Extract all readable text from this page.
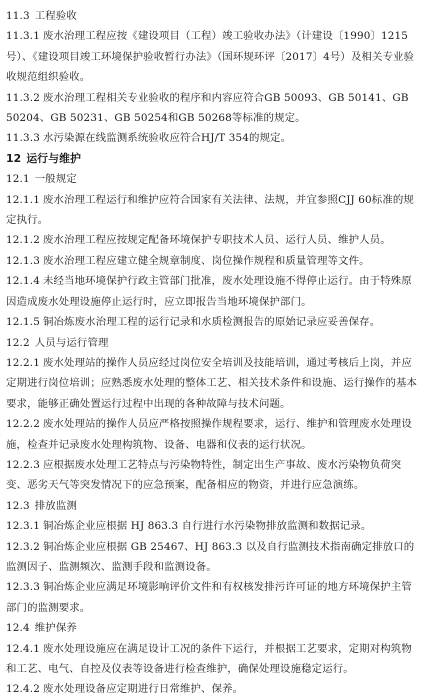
11.3 工程验收

11.3.1 废水治理工程应按《建设项目（工程）竣工验收办法》（计建设〔1990〕1215号）、《建设项目竣工环境保护验收暂行办法》（国环规环评〔2017〕4号）及相关专业验收规范组织验收。

11.3.2 废水治理工程相关专业验收的程序和内容应符合GB 50093、GB 50141、GB 50204、GB 50231、GB 50254和GB 50268等标准的规定。

11.3.3 水污染源在线监测系统验收应符合HJ/T 354的规定。

12 运行与维护

12.1 一般规定

12.1.1 废水治理工程运行和维护应符合国家有关法律、法规，并宜参照CJJ 60标准的规定执行。

12.1.2 废水治理工程应按规定配备环境保护专职技术人员、运行人员、维护人员。

12.1.3 废水治理工程应建立健全规章制度、岗位操作规程和质量管理等文件。

12.1.4 未经当地环境保护行政主管部门批准，废水处理设施不得停止运行。由于特殊原因造成废水处理设施停止运行时，应立即报告当地环境保护部门。

12.1.5 铜冶炼废水治理工程的运行记录和水质检测报告的原始记录应妥善保存。

12.2 人员与运行管理

12.2.1 废水处理站的操作人员应经过岗位安全培训及技能培训，通过考核后上岗，并应定期进行岗位培训；应熟悉废水处理的整体工艺、相关技术条件和设施、运行操作的基本要求，能够正确处置运行过程中出现的各种故障与技术问题。

12.2.2 废水处理站的操作人员应严格按照操作规程要求，运行、维护和管理废水处理设施，检查并记录废水处理构筑物、设备、电器和仪表的运行状况。

12.2.3 应根据废水处理工艺特点与污染物特性，制定出生产事故、废水污染物负荷突变、恶劣天气等突发情况下的应急预案，配备相应的物资，并进行应急演练。

12.3 排放监测

12.3.1 铜冶炼企业应根据 HJ 863.3 自行进行水污染物排放监测和数据记录。

12.3.2 铜冶炼企业应根据 GB 25467、HJ 863.3 以及自行监测技术指南确定排放口的监测因子、监测频次、监测手段和监测设备。

12.3.3 铜冶炼企业应满足环境影响评价文件和有权核发排污许可证的地方环境保护主管部门的监测要求。

12.4 维护保养

12.4.1 废水处理设施应在满足设计工况的条件下运行，并根据工艺要求，定期对构筑物和工艺、电气、自控及仪表等设备进行检查维护，确保处理设施稳定运行。

12.4.2 废水处理设备应定期进行日常维护、保养。
